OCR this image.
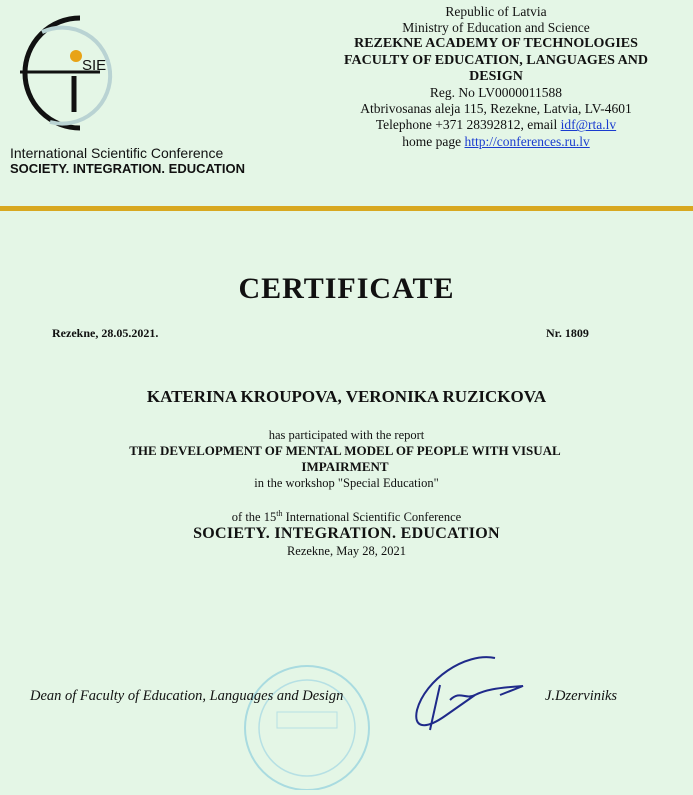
SIE
International Scientific Conference
SOCIETY. INTEGRATION. EDUCATION
Republic of Latvia
Ministry of Education and Science
REZEKNE ACADEMY OF TECHNOLOGIES
FACULTY OF EDUCATION, LANGUAGES AND DESIGN
Reg. No LV0000011588
Atbrivosanas aleja 115, Rezekne, Latvia, LV-4601
Telephone +371 28392812, email idf@rta.lv
home page http://conferences.ru.lv
CERTIFICATE
Rezekne, 28.05.2021.	Nr. 1809
KATERINA KROUPOVA, VERONIKA RUZICKOVA
has participated with the report
THE DEVELOPMENT OF MENTAL MODEL OF PEOPLE WITH VISUAL IMPAIRMENT
in the workshop "Special Education"
of the 15th International Scientific Conference
SOCIETY. INTEGRATION. EDUCATION
Rezekne, May 28, 2021
Dean of Faculty of Education, Languages and Design	J.Dzerviniks
